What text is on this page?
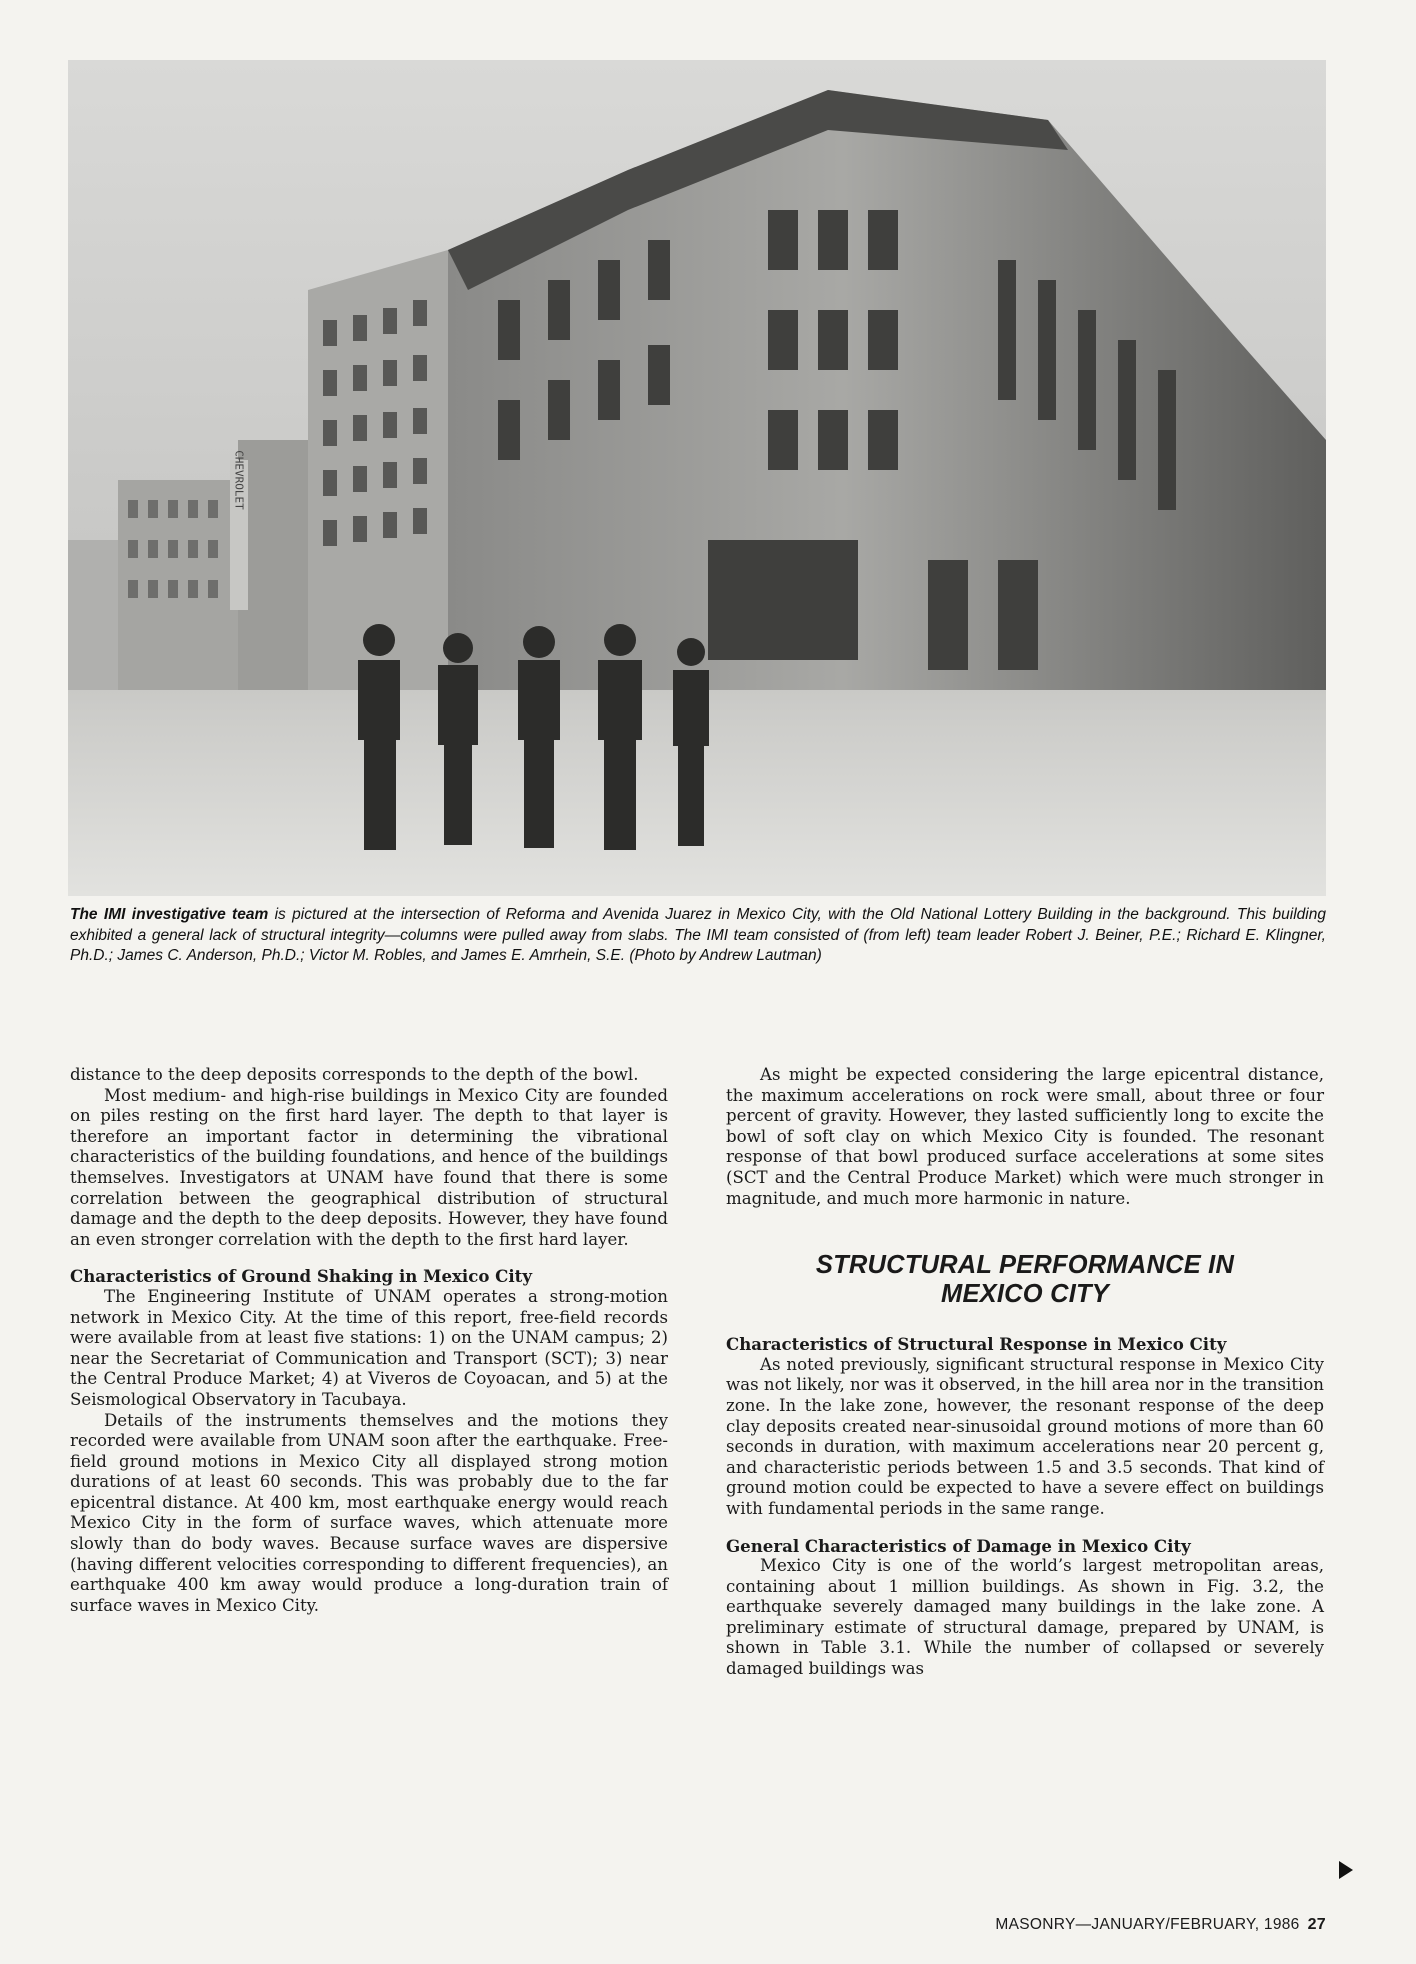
CHEVROLET
The IMI investigative team is pictured at the intersection of Reforma and Avenida Juarez in Mexico City, with the Old National Lottery Building in the background. This building exhibited a general lack of structural integrity—columns were pulled away from slabs. The IMI team consisted of (from left) team leader Robert J. Beiner, P.E.; Richard E. Klingner, Ph.D.; James C. Anderson, Ph.D.; Victor M. Robles, and James E. Amrhein, S.E. (Photo by Andrew Lautman)

distance to the deep deposits corresponds to the depth of the bowl.

Most medium- and high-rise buildings in Mexico City are founded on piles resting on the first hard layer. The depth to that layer is therefore an important factor in determining the vibrational characteristics of the building foundations, and hence of the buildings themselves. Investigators at UNAM have found that there is some correlation between the geographical distribution of structural damage and the depth to the deep deposits. However, they have found an even stronger correlation with the depth to the first hard layer.

Characteristics of Ground Shaking in Mexico City

The Engineering Institute of UNAM operates a strong-motion network in Mexico City. At the time of this report, free-field records were available from at least five stations: 1) on the UNAM campus; 2) near the Secretariat of Communication and Transport (SCT); 3) near the Central Produce Market; 4) at Viveros de Coyoacan, and 5) at the Seismological Observatory in Tacubaya.

Details of the instruments themselves and the motions they recorded were available from UNAM soon after the earthquake. Free-field ground motions in Mexico City all displayed strong motion durations of at least 60 seconds. This was probably due to the far epicentral distance. At 400 km, most earthquake energy would reach Mexico City in the form of surface waves, which attenuate more slowly than do body waves. Because surface waves are dispersive (having different velocities corresponding to different frequencies), an earthquake 400 km away would produce a long-duration train of surface waves in Mexico City.

As might be expected considering the large epicentral distance, the maximum accelerations on rock were small, about three or four percent of gravity. However, they lasted sufficiently long to excite the bowl of soft clay on which Mexico City is founded. The resonant response of that bowl produced surface accelerations at some sites (SCT and the Central Produce Market) which were much stronger in magnitude, and much more harmonic in nature.

STRUCTURAL PERFORMANCE IN
MEXICO CITY
Characteristics of Structural Response in Mexico City

As noted previously, significant structural response in Mexico City was not likely, nor was it observed, in the hill area nor in the transition zone. In the lake zone, however, the resonant response of the deep clay deposits created near-sinusoidal ground motions of more than 60 seconds in duration, with maximum accelerations near 20 percent g, and characteristic periods between 1.5 and 3.5 seconds. That kind of ground motion could be expected to have a severe effect on buildings with fundamental periods in the same range.

General Characteristics of Damage in Mexico City

Mexico City is one of the world’s largest metropolitan areas, containing about 1 million buildings. As shown in Fig. 3.2, the earthquake severely damaged many buildings in the lake zone. A preliminary estimate of structural damage, prepared by UNAM, is shown in Table 3.1. While the number of collapsed or severely damaged buildings was

MASONRY—JANUARY/FEBRUARY, 1986 27
